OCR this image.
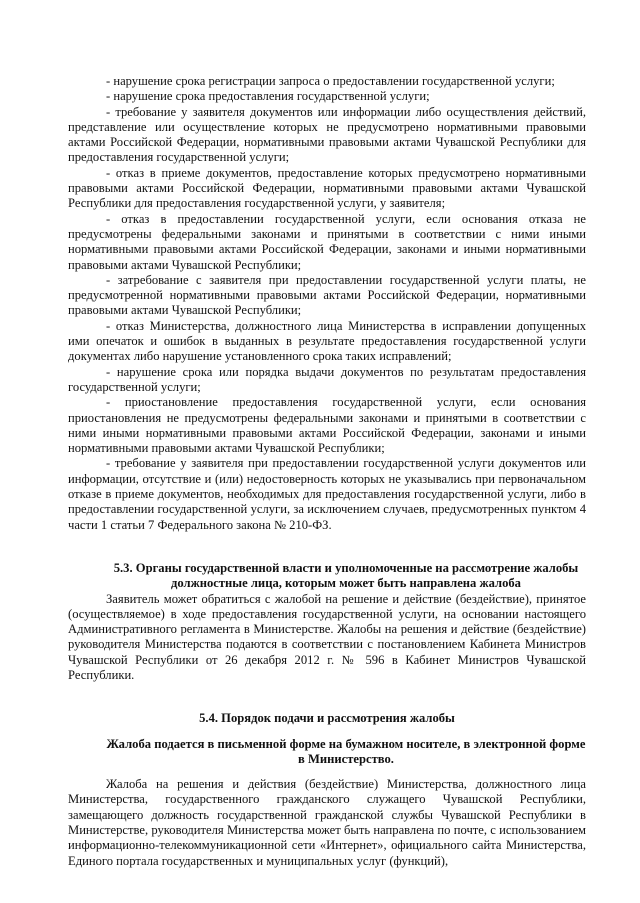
- нарушение срока регистрации запроса о предоставлении государственной услуги;

- нарушение срока предоставления государственной услуги;

- требование у заявителя документов или информации либо осуществления действий, представление или осуществление которых не предусмотрено нормативными правовыми актами Российской Федерации, нормативными правовыми актами Чувашской Республики для предоставления государственной услуги;

- отказ в приеме документов, предоставление которых предусмотрено нормативными правовыми актами Российской Федерации, нормативными правовыми актами Чувашской Республики для предоставления государственной услуги, у заявителя;

- отказ в предоставлении государственной услуги, если основания отказа не предусмотрены федеральными законами и принятыми в соответствии с ними иными нормативными правовыми актами Российской Федерации, законами и иными нормативными правовыми актами Чувашской Республики;

- затребование с заявителя при предоставлении государственной услуги платы, не предусмотренной нормативными правовыми актами Российской Федерации, нормативными правовыми актами Чувашской Республики;

- отказ Министерства, должностного лица Министерства в исправлении допущенных ими опечаток и ошибок в выданных в результате предоставления государственной услуги документах либо нарушение установленного срока таких исправлений;

- нарушение срока или порядка выдачи документов по результатам предоставления государственной услуги;

- приостановление предоставления государственной услуги, если основания приостановления не предусмотрены федеральными законами и принятыми в соответствии с ними иными нормативными правовыми актами Российской Федерации, законами и иными нормативными правовыми актами Чувашской Республики;

- требование у заявителя при предоставлении государственной услуги документов или информации, отсутствие и (или) недостоверность которых не указывались при первоначальном отказе в приеме документов, необходимых для предоставления государственной услуги, либо в предоставлении государственной услуги, за исключением случаев, предусмотренных пунктом 4 части 1 статьи 7 Федерального закона № 210-ФЗ.

5.3. Органы государственной власти и уполномоченные на рассмотрение жалобы должностные лица, которым может быть направлена жалоба

Заявитель может обратиться с жалобой на решение и действие (бездействие), принятое (осуществляемое) в ходе предоставления государственной услуги, на основании настоящего Административного регламента в Министерстве. Жалобы на решения и действие (бездействие) руководителя Министерства подаются в соответствии с постановлением Кабинета Министров Чувашской Республики от 26 декабря 2012 г. № 596 в Кабинет Министров Чувашской Республики.

5.4. Порядок подачи и рассмотрения жалобы

Жалоба подается в письменной форме на бумажном носителе, в электронной форме в Министерство.

Жалоба на решения и действия (бездействие) Министерства, должностного лица Министерства, государственного гражданского служащего Чувашской Республики, замещающего должность государственной гражданской службы Чувашской Республики в Министерстве, руководителя Министерства может быть направлена по почте, с использованием информационно-телекоммуникационной сети «Интернет», официального сайта Министерства, Единого портала государственных и муниципальных услуг (функций),
